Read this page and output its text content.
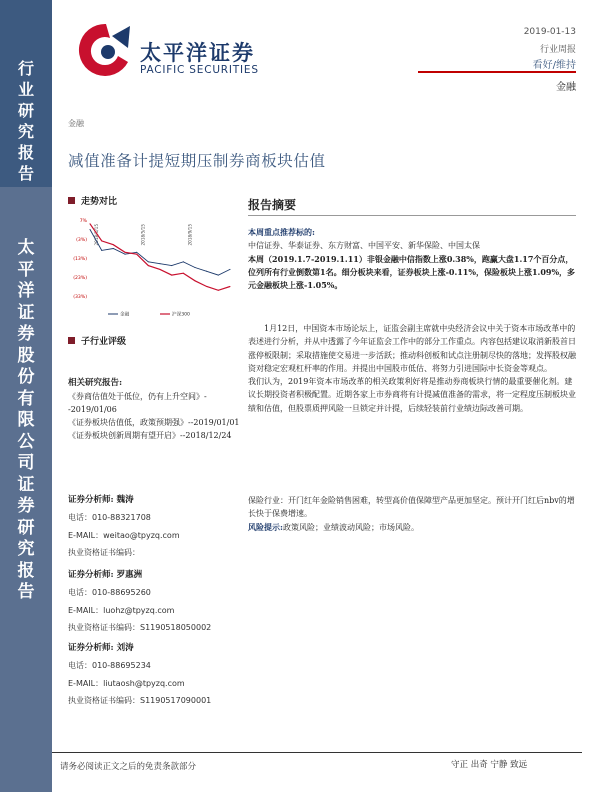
行
业
研
究
报
告
太
平
洋
证
券
股
份
有
限
公
司
证
券
研
究
报
告
太平洋证券
PACIFIC SECURITIES
2019-01-13
行业周报
看好/维持
金融
金融
减值准备计提短期压制券商板块估值
走势对比
7%
(3%)
(13%)
(23%)
(33%)
2018/1/15	2018/5/15	2018/9/15
金融	沪深300
子行业评级

相关研究报告:

《券商估值处于低位，仍有上升空间》--2019/01/06

《证券板块估值低，政策预期强》--2019/01/01

《证券板块创新周期有望开启》--2018/12/24

证券分析师: 魏涛

电话：010-88321708

E-MAIL：weitao@tpyzq.com

执业资格证书编码：

证券分析师: 罗惠洲

电话：010-88695260

E-MAIL：luohz@tpyzq.com

执业资格证书编码：S1190518050002

证券分析师: 刘涛

电话：010-88695234

E-MAIL：liutaosh@tpyzq.com

执业资格证书编码：S1190517090001

报告摘要

本周重点推荐标的:

中信证券、华泰证券、东方财富、中国平安、新华保险、中国太保

本周（2019.1.7-2019.1.11）非银金融中信指数上涨0.38%，跑赢大盘1.17个百分点，位列所有行业倒数第1名。细分板块来看，证券板块上涨-0.11%，保险板块上涨1.09%，多元金融板块上涨-1.05%。

1月12日，中国资本市场论坛上，证监会副主席就中央经济会议中关于资本市场改革中的表述进行分析，并从中透露了今年证监会工作中的部分工作重点。内容包括建议取消新股首日涨停板限制；采取措施使交易进一步活跃；推动科创板和试点注册制尽快的落地；发挥股权融资对稳定宏观杠杆率的作用。并提出中国股市低估、将努力引进国际中长资金等观点。

我们认为，2019年资本市场改革的相关政策利好将是推动券商板块行情的最重要催化剂。建议长期投资者积极配置。近期各家上市券商将有计提减值准备的需求，将一定程度压制板块业绩和估值，但股票质押风险一旦锁定并计提，后续轻装前行业绩边际改善可期。

保险行业：开门红年金险销售困难，转型高价值保障型产品更加坚定。预计开门红后nbv的增长快于保费增速。

风险提示:政策风险；业绩波动风险；市场风险。

请务必阅读正文之后的免责条款部分	守正 出奇 宁静 致远
